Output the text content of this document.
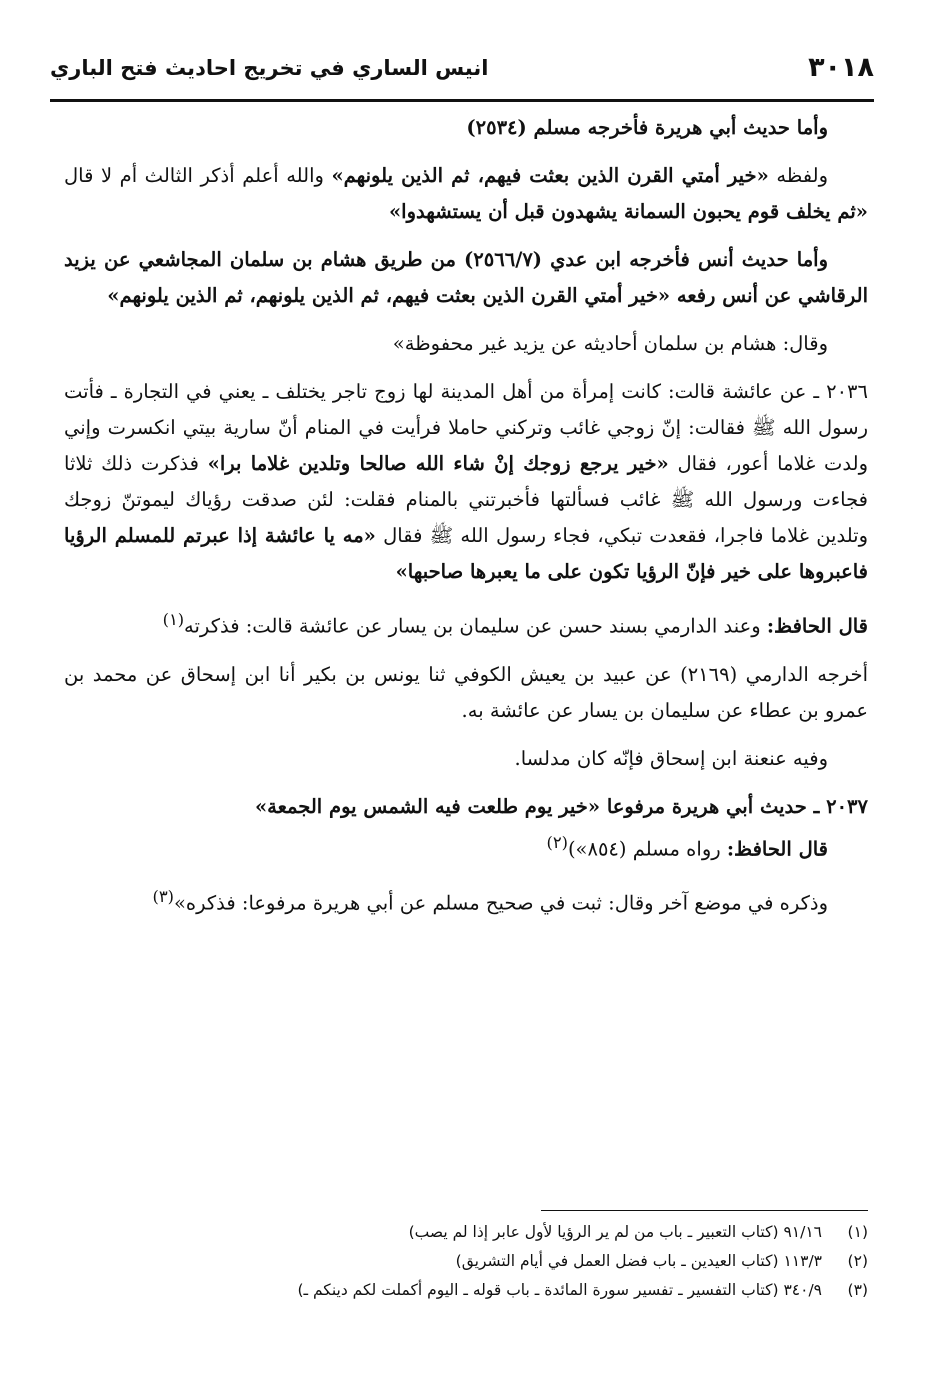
٣٠١٨
انيس الساري في تخريج احاديث فتح الباري

وأما حديث أبي هريرة فأخرجه مسلم (٢٥٣٤)

ولفظه «خير أمتي القرن الذين بعثت فيهم، ثم الذين يلونهم» والله أعلم أذكر الثالث أم لا قال «ثم يخلف قوم يحبون السمانة يشهدون قبل أن يستشهدوا»

وأما حديث أنس فأخرجه ابن عدي (٢٥٦٦/٧) من طريق هشام بن سلمان المجاشعي عن يزيد الرقاشي عن أنس رفعه «خير أمتي القرن الذين بعثت فيهم، ثم الذين يلونهم، ثم الذين يلونهم»

وقال: هشام بن سلمان أحاديثه عن يزيد غير محفوظة»

٢٠٣٦ ـ عن عائشة قالت: كانت إمرأة من أهل المدينة لها زوج تاجر يختلف ـ يعني في التجارة ـ فأتت رسول الله ﷺ فقالت: إنّ زوجي غائب وتركني حاملا فرأيت في المنام أنّ سارية بيتي انكسرت وإني ولدت غلاما أعور، فقال «خير يرجع زوجك إنْ شاء الله صالحا وتلدين غلاما برا» فذكرت ذلك ثلاثا فجاءت ورسول الله ﷺ غائب فسألتها فأخبرتني بالمنام فقلت: لئن صدقت رؤياك ليموتنّ زوجك وتلدين غلاما فاجرا، فقعدت تبكي، فجاء رسول الله ﷺ فقال «مه يا عائشة إذا عبرتم للمسلم الرؤيا فاعبروها على خير فإنّ الرؤيا تكون على ما يعبرها صاحبها»

قال الحافظ: وعند الدارمي بسند حسن عن سليمان بن يسار عن عائشة قالت: فذكرته$^{(١)}$

أخرجه الدارمي (٢١٦٩) عن عبيد بن يعيش الكوفي ثنا يونس بن بكير أنا ابن إسحاق عن محمد بن عمرو بن عطاء عن سليمان بن يسار عن عائشة به.

وفيه عنعنة ابن إسحاق فإنّه كان مدلسا.

٢٠٣٧ ـ حديث أبي هريرة مرفوعا «خير يوم طلعت فيه الشمس يوم الجمعة»

قال الحافظ: رواه مسلم (٨٥٤»)$^{(٢)}$

وذكره في موضع آخر وقال: ثبت في صحيح مسلم عن أبي هريرة مرفوعا: فذكره»$^{(٣)}$

(١)
٩١/١٦ (كتاب التعبير ـ باب من لم ير الرؤيا لأول عابر إذا لم يصب)
(٢)
١١٣/٣ (كتاب العيدين ـ باب فضل العمل في أيام التشريق)
(٣)
٣٤٠/٩ (كتاب التفسير ـ تفسير سورة المائدة ـ باب قوله ـ اليوم أكملت لكم دينكم ـ)
